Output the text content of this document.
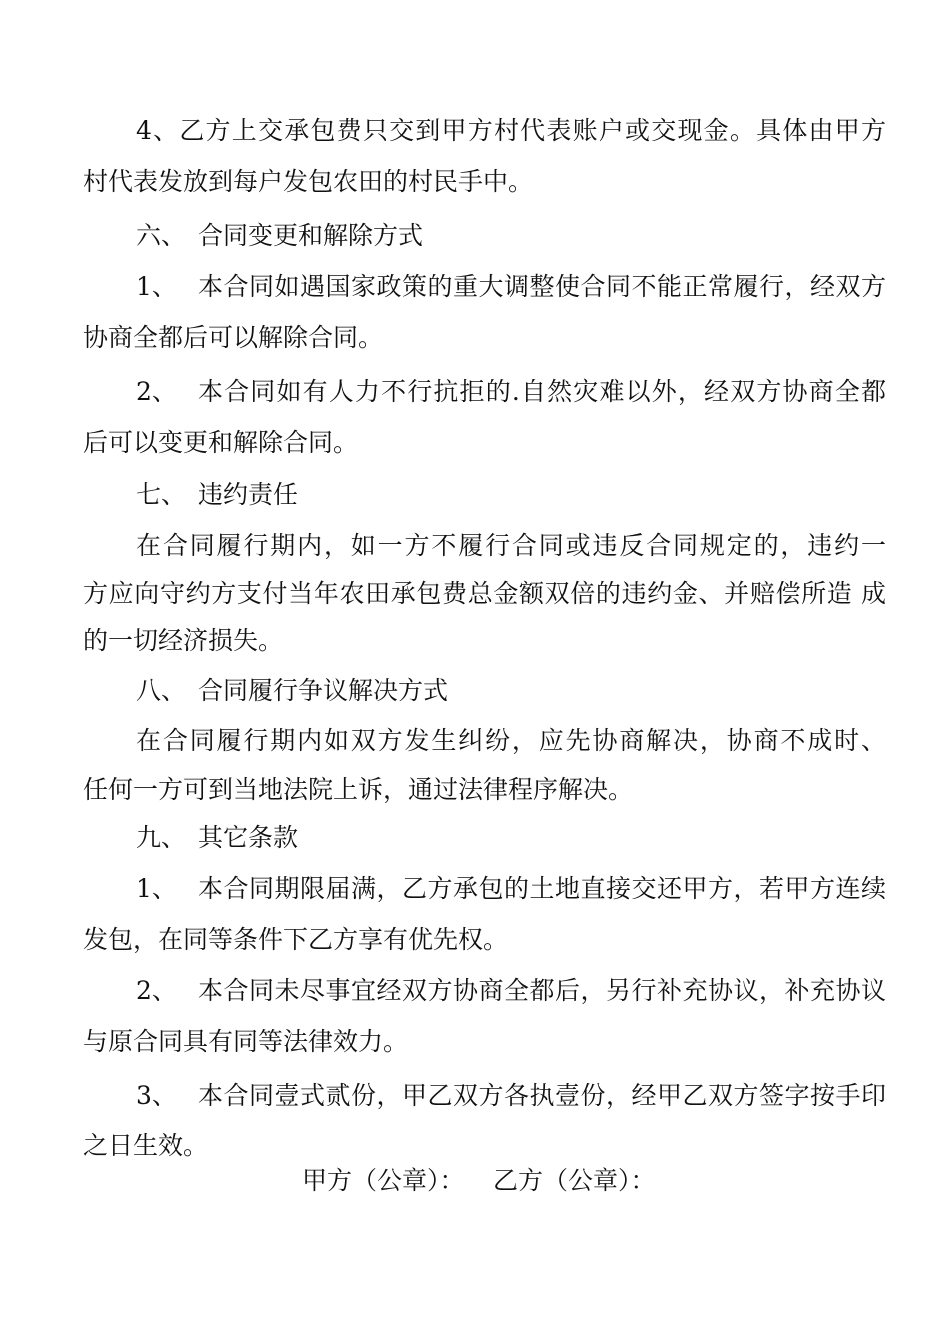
4、乙方上交承包费只交到甲方村代表账户或交现金。具体由甲方
村代表发放到每户发包农田的村民手中。
六、 合同变更和解除方式
1、 本合同如遇国家政策的重大调整使合同不能正常履行，经双方
协商全都后可以解除合同。
2、 本合同如有人力不行抗拒的.自然灾难以外，经双方协商全都
后可以变更和解除合同。
七、 违约责任
在合同履行期内，如一方不履行合同或违反合同规定的，违约一
方应向守约方支付当年农田承包费总金额双倍的违约金、并赔偿所造 成
的一切经济损失。
八、 合同履行争议解决方式
在合同履行期内如双方发生纠纷，应先协商解决，协商不成时、
任何一方可到当地法院上诉，通过法律程序解决。
九、 其它条款
1、 本合同期限届满，乙方承包的土地直接交还甲方，若甲方连续
发包，在同等条件下乙方享有优先权。
2、 本合同未尽事宜经双方协商全都后，另行补充协议，补充协议
与原合同具有同等法律效力。
3、 本合同壹式贰份，甲乙双方各执壹份，经甲乙双方签字按手印
之日生效。
甲方（公章）： 乙方（公章）：
